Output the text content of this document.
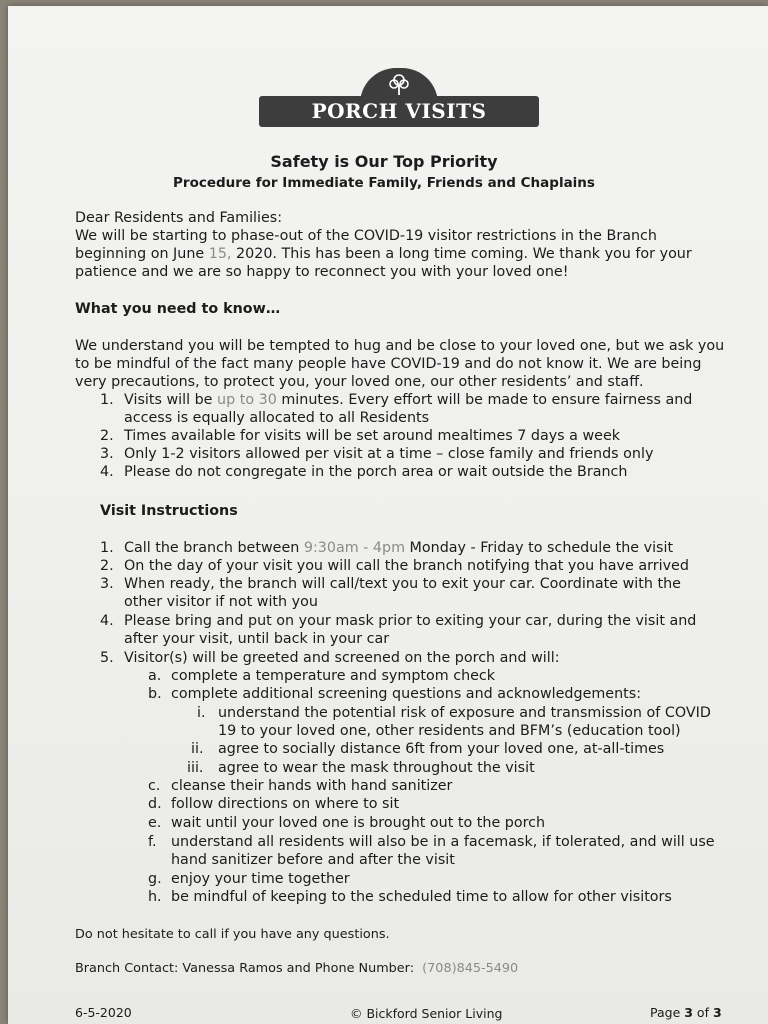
PORCH VISITS
Safety is Our Top Priority
Procedure for Immediate Family, Friends and Chaplains
Dear Residents and Families:
We will be starting to phase-out of the COVID-19 visitor restrictions in the Branch
beginning on June 15, 2020. This has been a long time coming. We thank you for your
patience and we are so happy to reconnect you with your loved one!
What you need to know…
We understand you will be tempted to hug and be close to your loved one, but we ask you
to be mindful of the fact many people have COVID-19 and do not know it. We are being
very precautions, to protect you, your loved one, our other residents’ and staff.
1. Visits will be up to 30 minutes. Every effort will be made to ensure fairness and
access is equally allocated to all Residents
2. Times available for visits will be set around mealtimes 7 days a week
3. Only 1-2 visitors allowed per visit at a time – close family and friends only
4. Please do not congregate in the porch area or wait outside the Branch
Visit Instructions
1. Call the branch between 9:30am - 4pm Monday - Friday to schedule the visit
2. On the day of your visit you will call the branch notifying that you have arrived
3. When ready, the branch will call/text you to exit your car. Coordinate with the
other visitor if not with you
4. Please bring and put on your mask prior to exiting your car, during the visit and
after your visit, until back in your car
5. Visitor(s) will be greeted and screened on the porch and will:
a. complete a temperature and symptom check
b. complete additional screening questions and acknowledgements:
i. understand the potential risk of exposure and transmission of COVID
19 to your loved one, other residents and BFM’s (education tool)
ii. agree to socially distance 6ft from your loved one, at-all-times
iii. agree to wear the mask throughout the visit
c. cleanse their hands with hand sanitizer
d. follow directions on where to sit
e. wait until your loved one is brought out to the porch
f. understand all residents will also be in a facemask, if tolerated, and will use
hand sanitizer before and after the visit
g. enjoy your time together
h. be mindful of keeping to the scheduled time to allow for other visitors
Do not hesitate to call if you have any questions.
Branch Contact: Vanessa Ramos and Phone Number: (708)845-5490
6-5-2020	© Bickford Senior Living	Page 3 of 3
